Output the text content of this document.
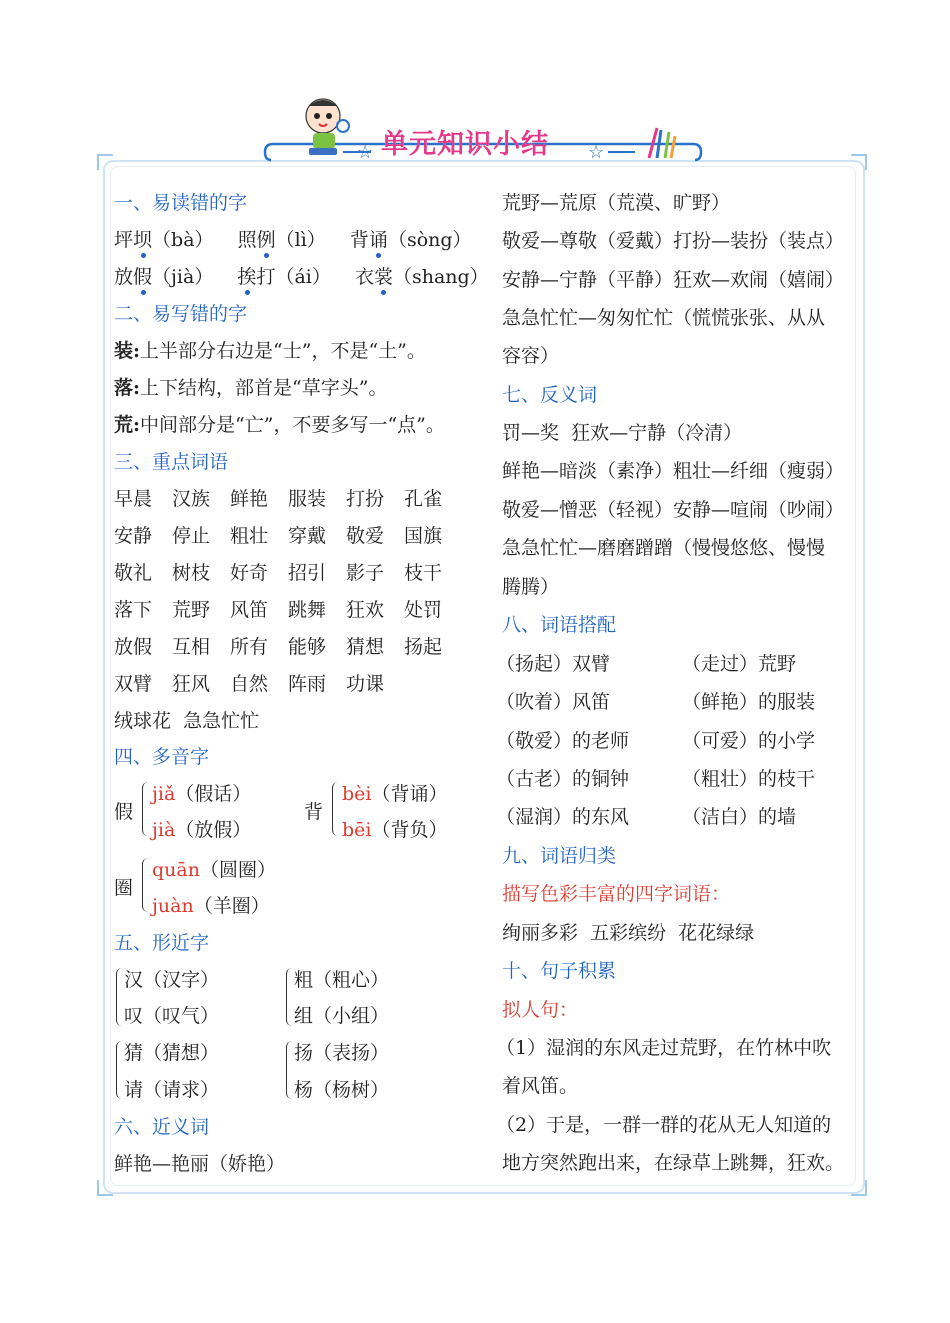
☆	☆
单元知识小结
一、易读错的字
坪坝（bà） 照例（lì） 背诵（sòng）
放假（jià） 挨打（ái） 衣裳（shang）
二、易写错的字
装:上半部分右边是“士”，不是“土”。
落:上下结构，部首是“草字头”。
荒:中间部分是“亡”，不要多写一“点”。
三、重点词语
早晨 汉族 鲜艳 服装 打扮 孔雀
安静 停止 粗壮 穿戴 敬爱 国旗
敬礼 树枝 好奇 招引 影子 枝干
落下 荒野 风笛 跳舞 狂欢 处罚
放假 互相 所有 能够 猜想 扬起
双臂 狂风 自然 阵雨 功课
绒球花  急急忙忙
四、多音字
假
jiǎ（假话）
jià（放假）
背
bèi（背诵）
bēi（背负）
圈
quān（圆圈）
juàn（羊圈）
五、形近字
汉（汉字）
叹（叹气）
粗（粗心）
组（小组）
猜（猜想）
请（请求）
扬（表扬）
杨（杨树）
六、近义词
鲜艳—艳丽（娇艳）
荒野—荒原（荒漠、旷野）
敬爱—尊敬（爱戴）打扮—装扮（装点）
安静—宁静（平静）狂欢—欢闹（嬉闹）
急急忙忙—匆匆忙忙（慌慌张张、从从
容容）
七、反义词
罚—奖  狂欢—宁静（冷清）
鲜艳—暗淡（素净）粗壮—纤细（瘦弱）
敬爱—憎恶（轻视）安静—喧闹（吵闹）
急急忙忙—磨磨蹭蹭（慢慢悠悠、慢慢
腾腾）
八、词语搭配
（扬起）双臂
（吹着）风笛
（敬爱）的老师
（古老）的铜钟
（湿润）的东风
（走过）荒野
（鲜艳）的服装
（可爱）的小学
（粗壮）的枝干
（洁白）的墙
九、词语归类
描写色彩丰富的四字词语：
绚丽多彩  五彩缤纷  花花绿绿
十、句子积累
拟人句：
（1）湿润的东风走过荒野，在竹林中吹
着风笛。
（2）于是，一群一群的花从无人知道的
地方突然跑出来，在绿草上跳舞，狂欢。
